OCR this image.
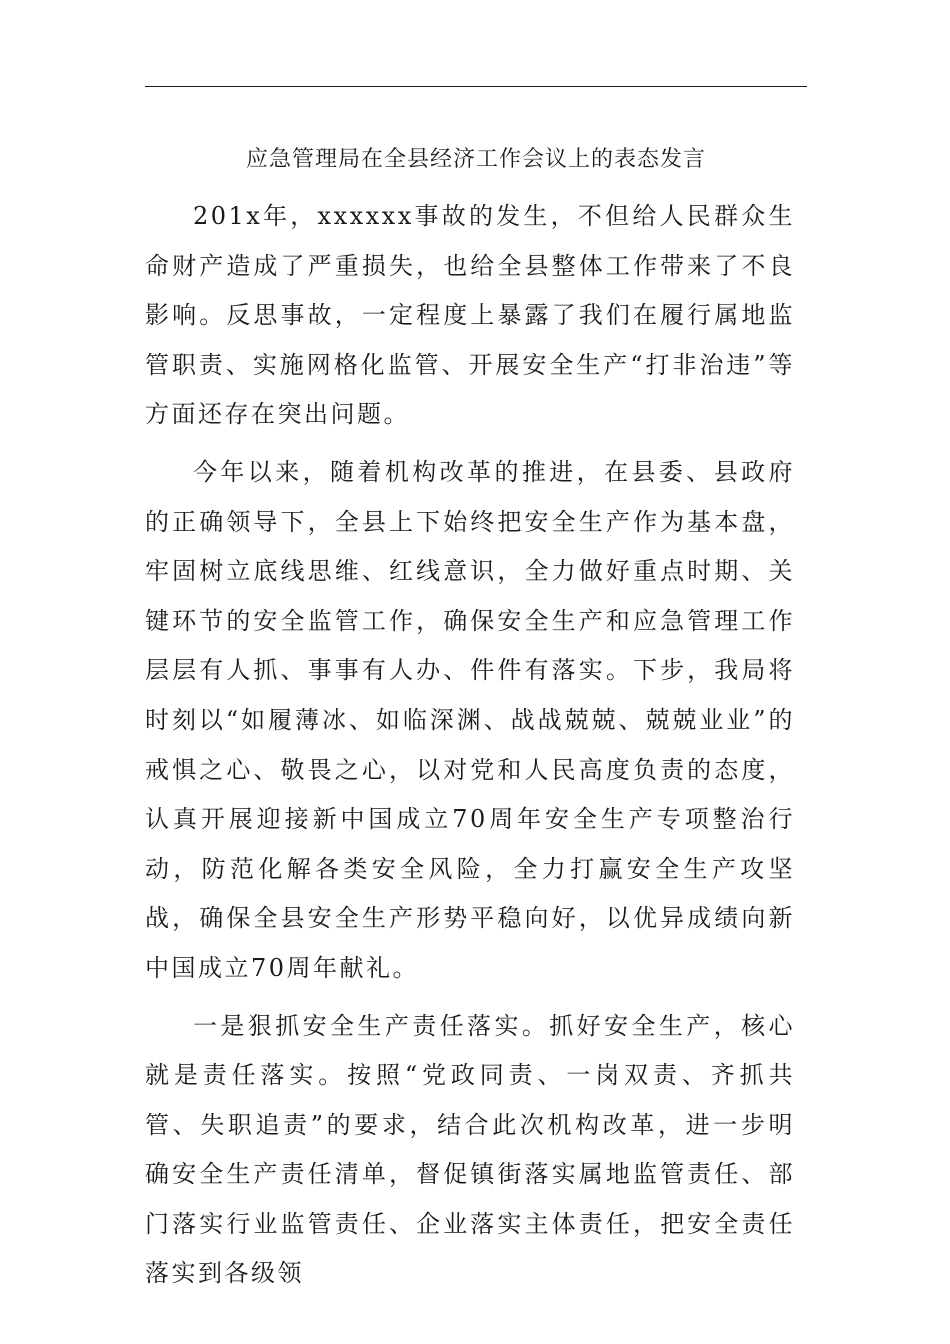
应急管理局在全县经济工作会议上的表态发言

201x年，xxxxxx事故的发生，不但给人民群众生命财产造成了严重损失，也给全县整体工作带来了不良影响。反思事故，一定程度上暴露了我们在履行属地监管职责、实施网格化监管、开展安全生产“打非治违”等方面还存在突出问题。

今年以来，随着机构改革的推进，在县委、县政府的正确领导下，全县上下始终把安全生产作为基本盘，牢固树立底线思维、红线意识，全力做好重点时期、关键环节的安全监管工作，确保安全生产和应急管理工作层层有人抓、事事有人办、件件有落实。下步，我局将时刻以“如履薄冰、如临深渊、战战兢兢、兢兢业业”的戒惧之心、敬畏之心，以对党和人民高度负责的态度，认真开展迎接新中国成立70周年安全生产专项整治行动，防范化解各类安全风险，全力打赢安全生产攻坚战，确保全县安全生产形势平稳向好，以优异成绩向新中国成立70周年献礼。

一是狠抓安全生产责任落实。抓好安全生产，核心就是责任落实。按照“党政同责、一岗双责、齐抓共管、失职追责”的要求，结合此次机构改革，进一步明确安全生产责任清单，督促镇街落实属地监管责任、部门落实行业监管责任、企业落实主体责任，把安全责任落实到各级领
